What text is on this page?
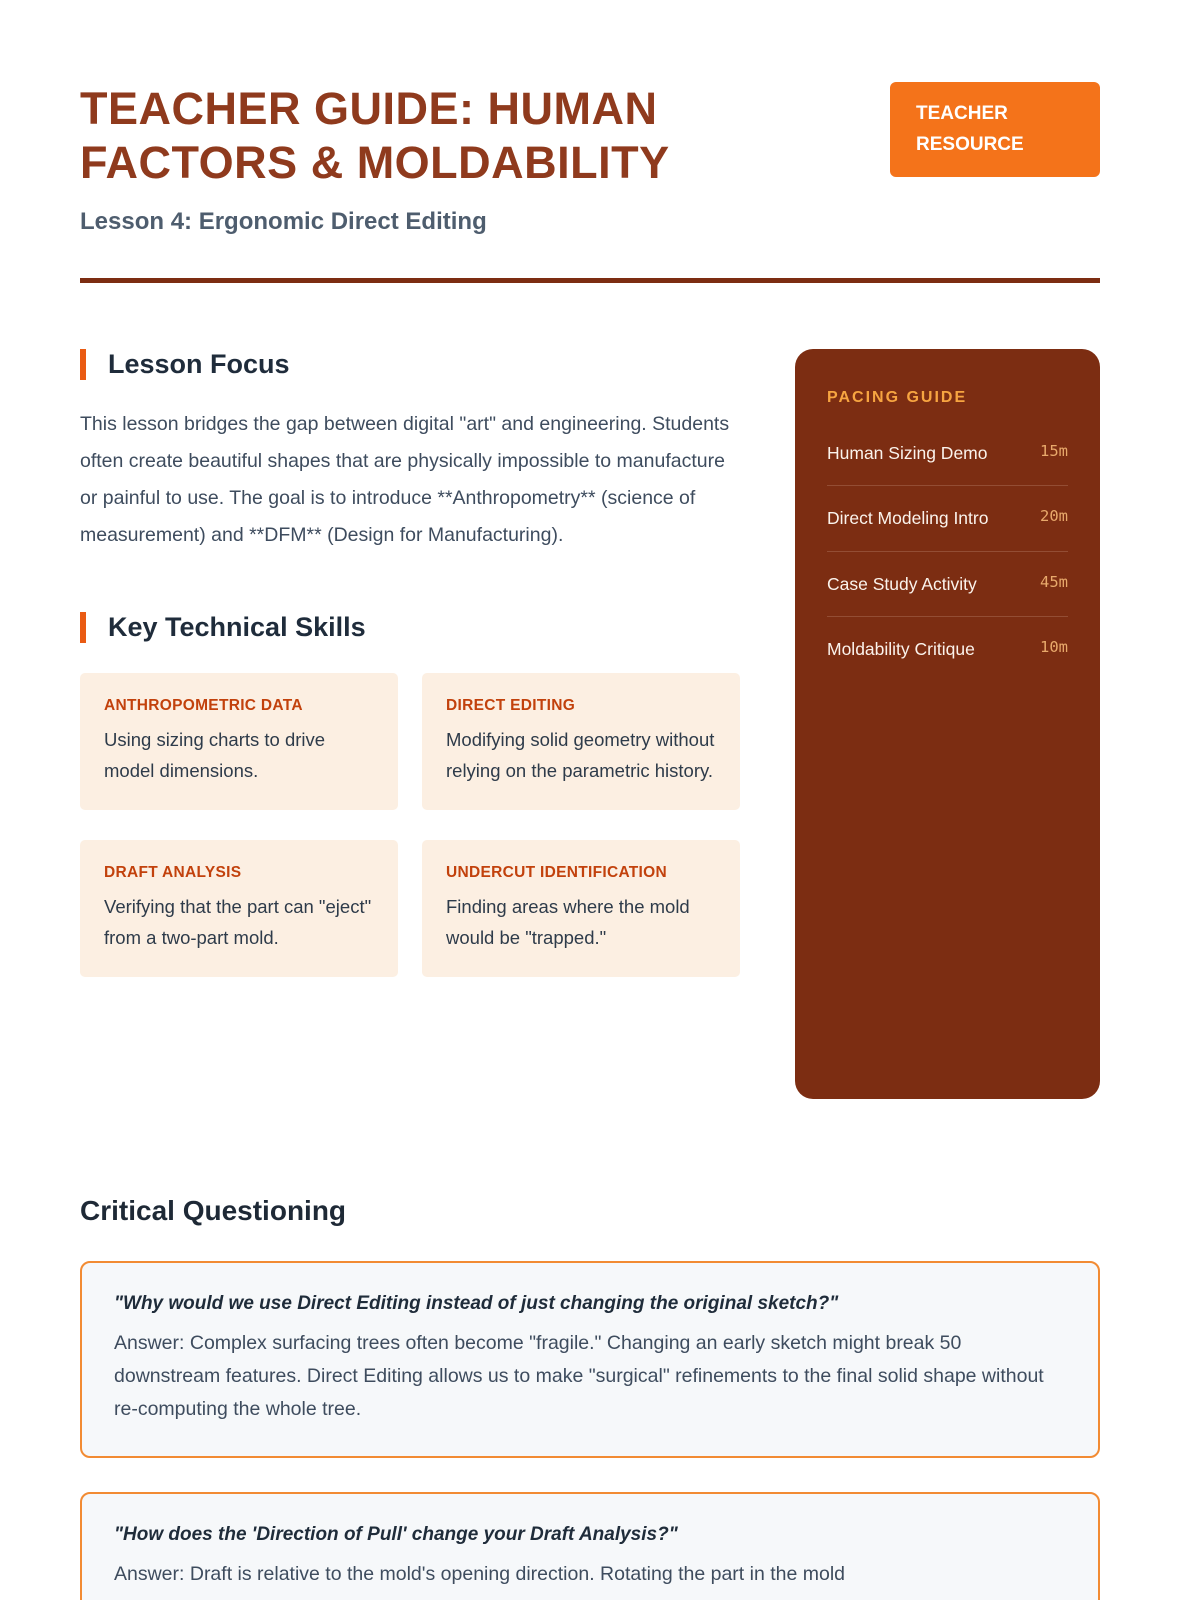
TEACHER GUIDE: HUMAN
FACTORS & MOLDABILITY

Lesson 4: Ergonomic Direct Editing

TEACHER RESOURCE
Lesson Focus

This lesson bridges the gap between digital "art" and engineering. Students often create beautiful shapes that are physically impossible to manufacture or painful to use. The goal is to introduce **Anthropometry** (science of measurement) and **DFM** (Design for Manufacturing).

Key Technical Skills
ANTHROPOMETRIC DATA
Using sizing charts to drive model dimensions.
DIRECT EDITING
Modifying solid geometry without relying on the parametric history.
DRAFT ANALYSIS
Verifying that the part can "eject" from a two-part mold.
UNDERCUT IDENTIFICATION
Finding areas where the mold would be "trapped."
PACING GUIDE
Human Sizing Demo	15m
Direct Modeling Intro	20m
Case Study Activity	45m
Moldability Critique	10m
Critical Questioning

"Why would we use Direct Editing instead of just changing the original sketch?"

Answer: Complex surfacing trees often become "fragile." Changing an early sketch might break 50 downstream features. Direct Editing allows us to make "surgical" refinements to the final solid shape without re-computing the whole tree.

"How does the 'Direction of Pull' change your Draft Analysis?"

Answer: Draft is relative to the mold's opening direction. Rotating the part in the mold
